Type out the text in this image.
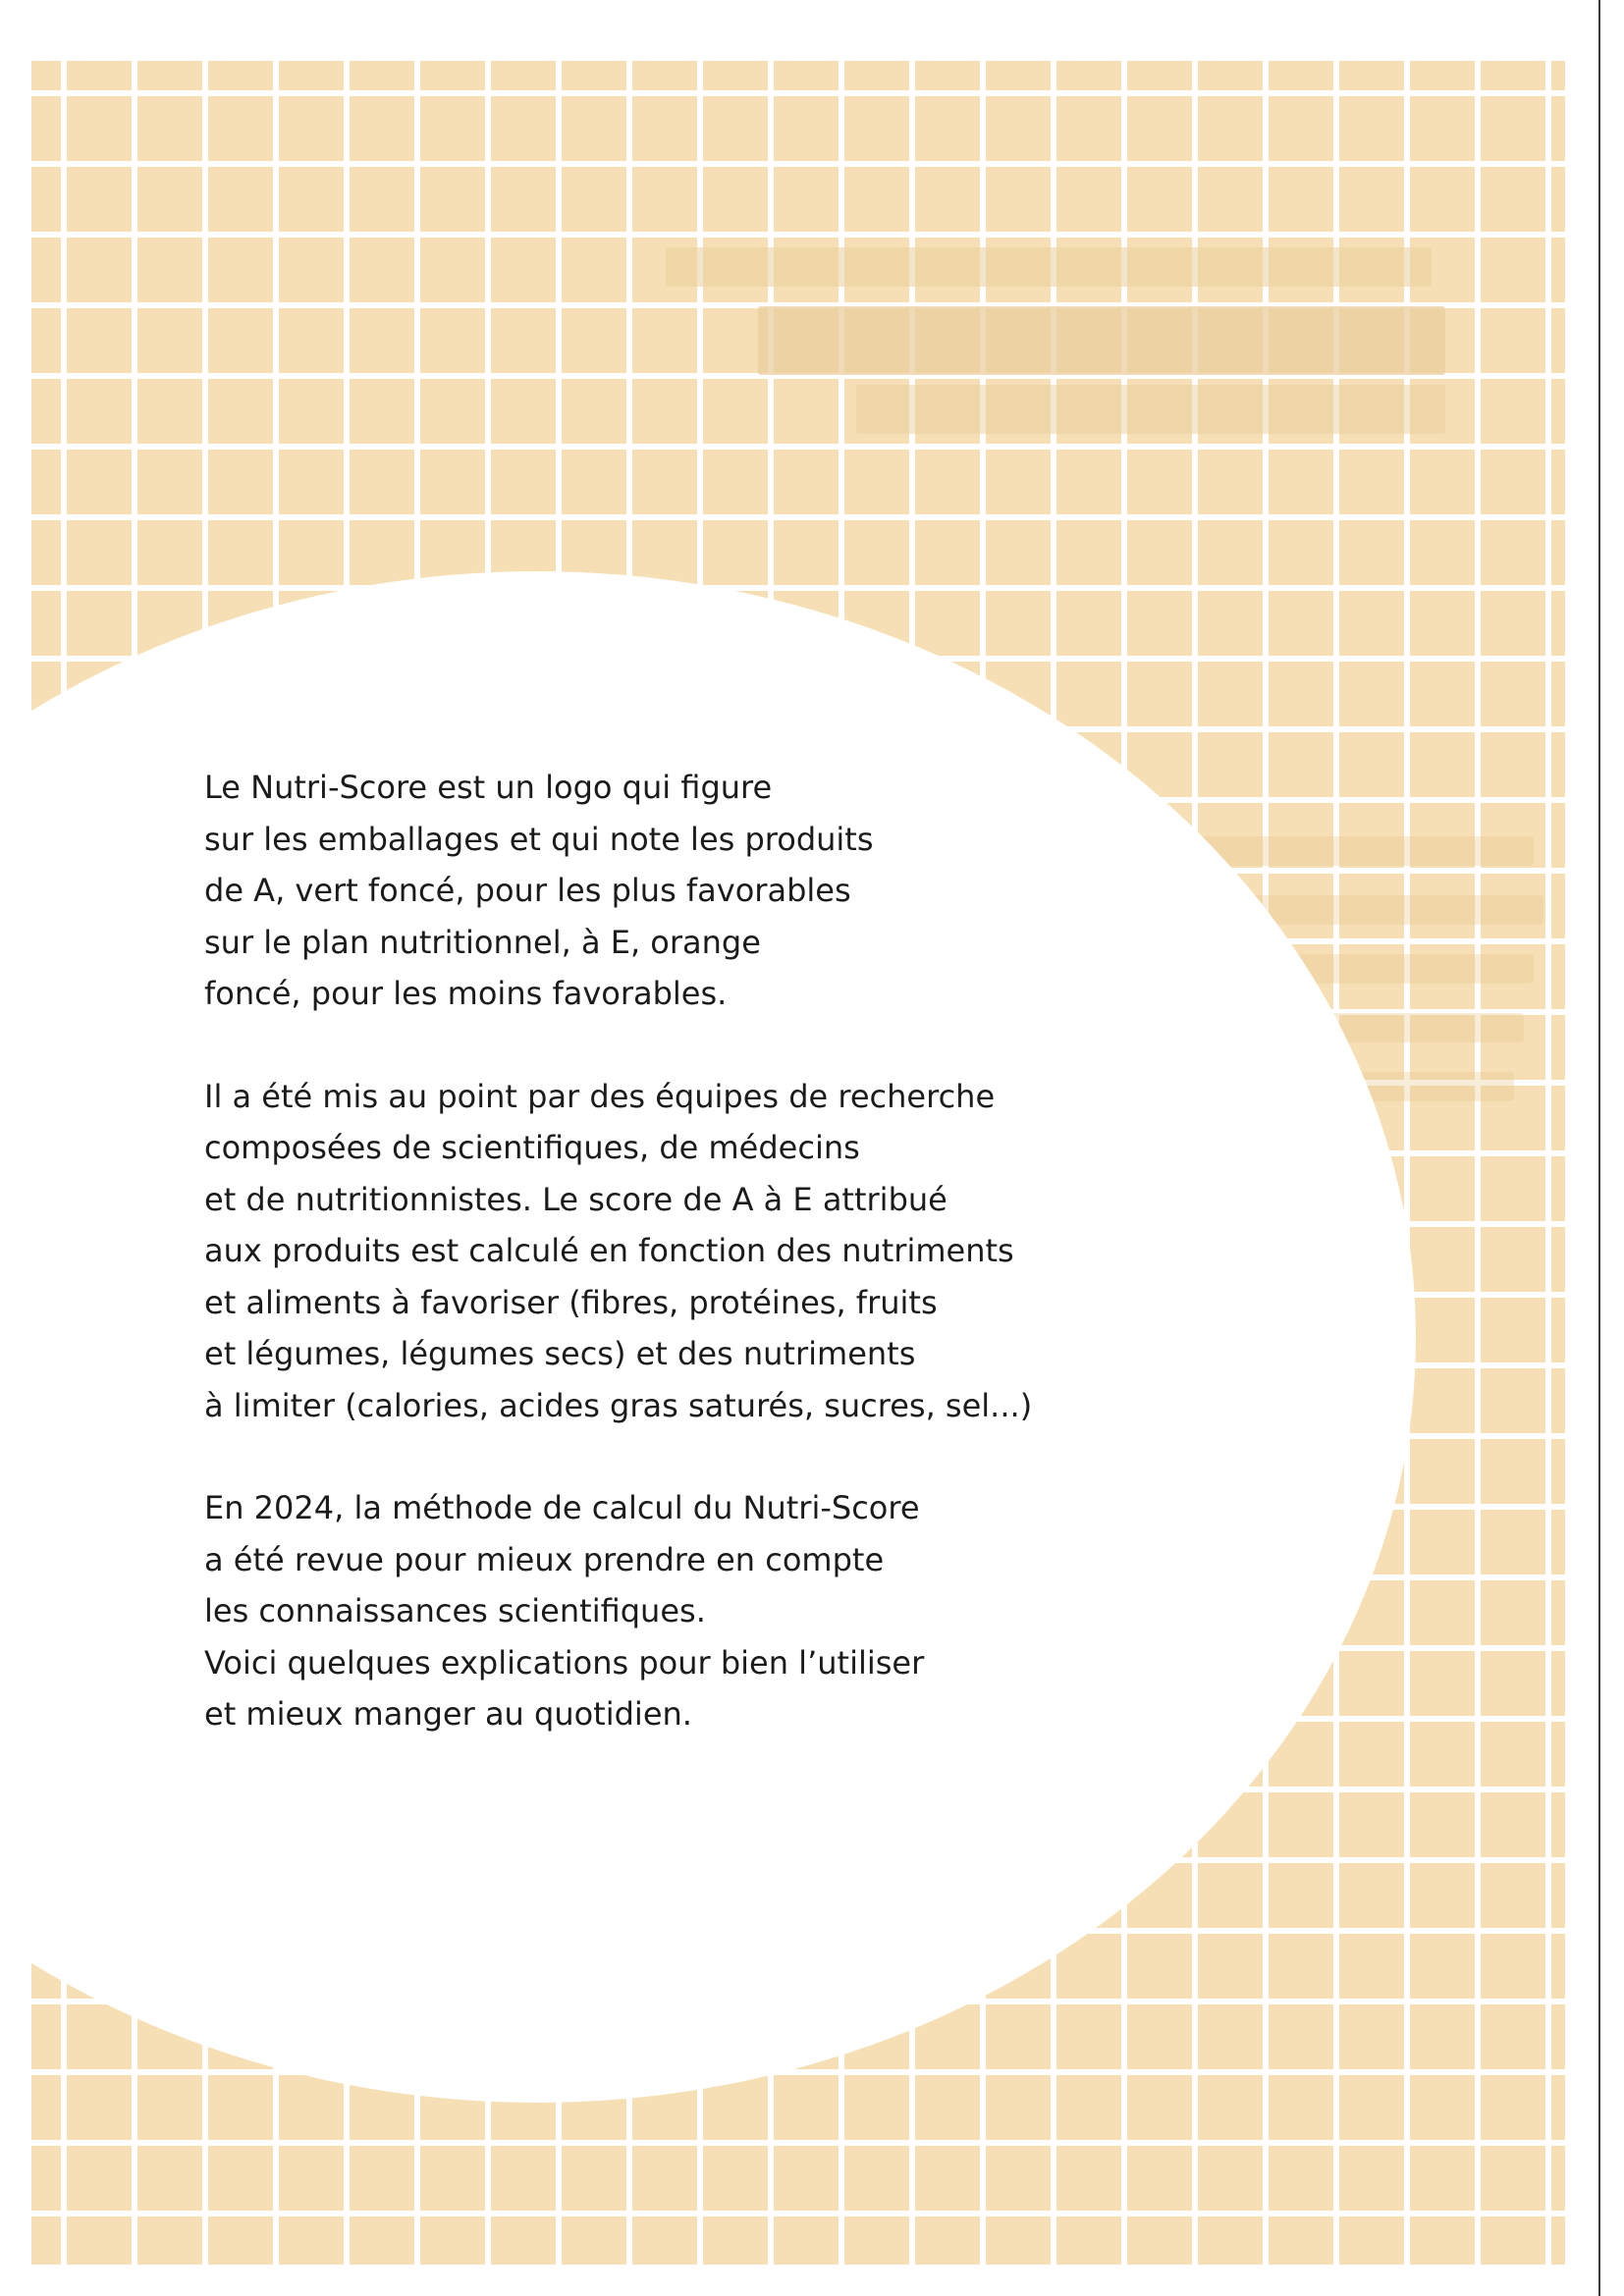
Le Nutri-Score est un logo qui figure
sur les emballages et qui note les produits
de A, vert foncé, pour les plus favorables
sur le plan nutritionnel, à E, orange
foncé, pour les moins favorables.

Il a été mis au point par des équipes de recherche
composées de scientifiques, de médecins
et de nutritionnistes. Le score de A à E attribué
aux produits est calculé en fonction des nutriments
et aliments à favoriser (fibres, protéines, fruits
et légumes, légumes secs) et des nutriments
à limiter (calories, acides gras saturés, sucres, sel...)

En 2024, la méthode de calcul du Nutri-Score
a été revue pour mieux prendre en compte
les connaissances scientifiques.
Voici quelques explications pour bien l’utiliser
et mieux manger au quotidien.
